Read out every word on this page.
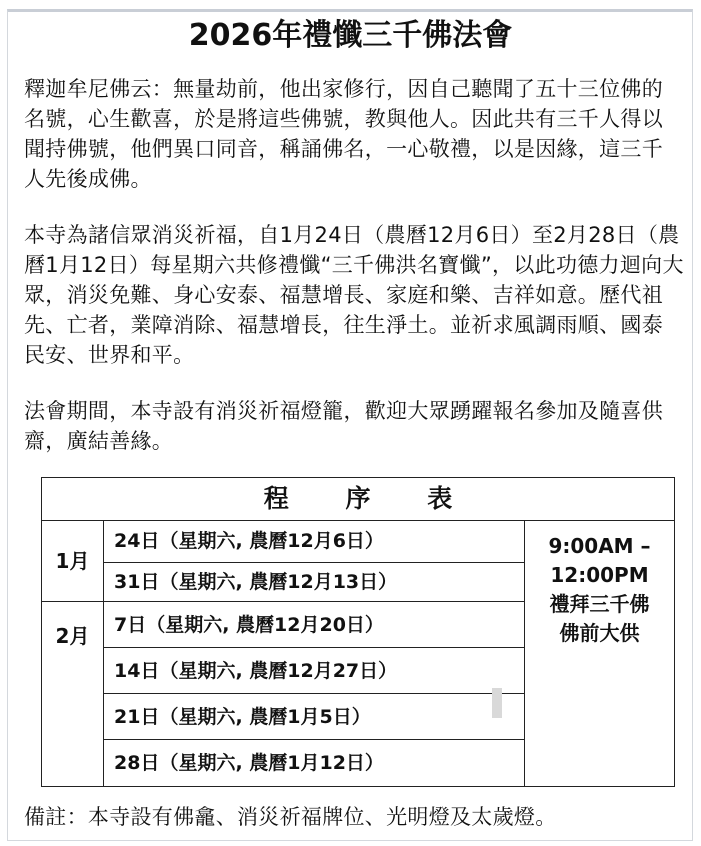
2026年禮懺三千佛法會

釋迦牟尼佛云：無量劫前，他出家修行，因自己聽聞了五十三位佛的名號，心生歡喜，於是將這些佛號，教與他人。因此共有三千人得以聞持佛號，他們異口同音，稱誦佛名，一心敬禮，以是因緣，這三千人先後成佛。

本寺為諸信眾消災祈福，自1月24日（農曆12月6日）至2月28日（農曆1月12日）每星期六共修禮懺“三千佛洪名寶懺”，以此功德力迴向大眾，消災免難、身心安泰、福慧增長、家庭和樂、吉祥如意。歷代祖先、亡者，業障消除、福慧增長，往生淨土。並祈求風調雨順、國泰民安、世界和平。

法會期間，本寺設有消災祈福燈籠，歡迎大眾踴躍報名參加及隨喜供齋，廣結善緣。

程 序 表
1月
2月
24日（星期六, 農曆12月6日）
31日（星期六, 農曆12月13日）
7日（星期六, 農曆12月20日）
14日（星期六, 農曆12月27日）
21日（星期六, 農曆1月5日）
28日（星期六, 農曆1月12日）
9:00AM –
12:00PM
禮拜三千佛
佛前大供
備註：本寺設有佛龕、消災祈福牌位、光明燈及太歲燈。
